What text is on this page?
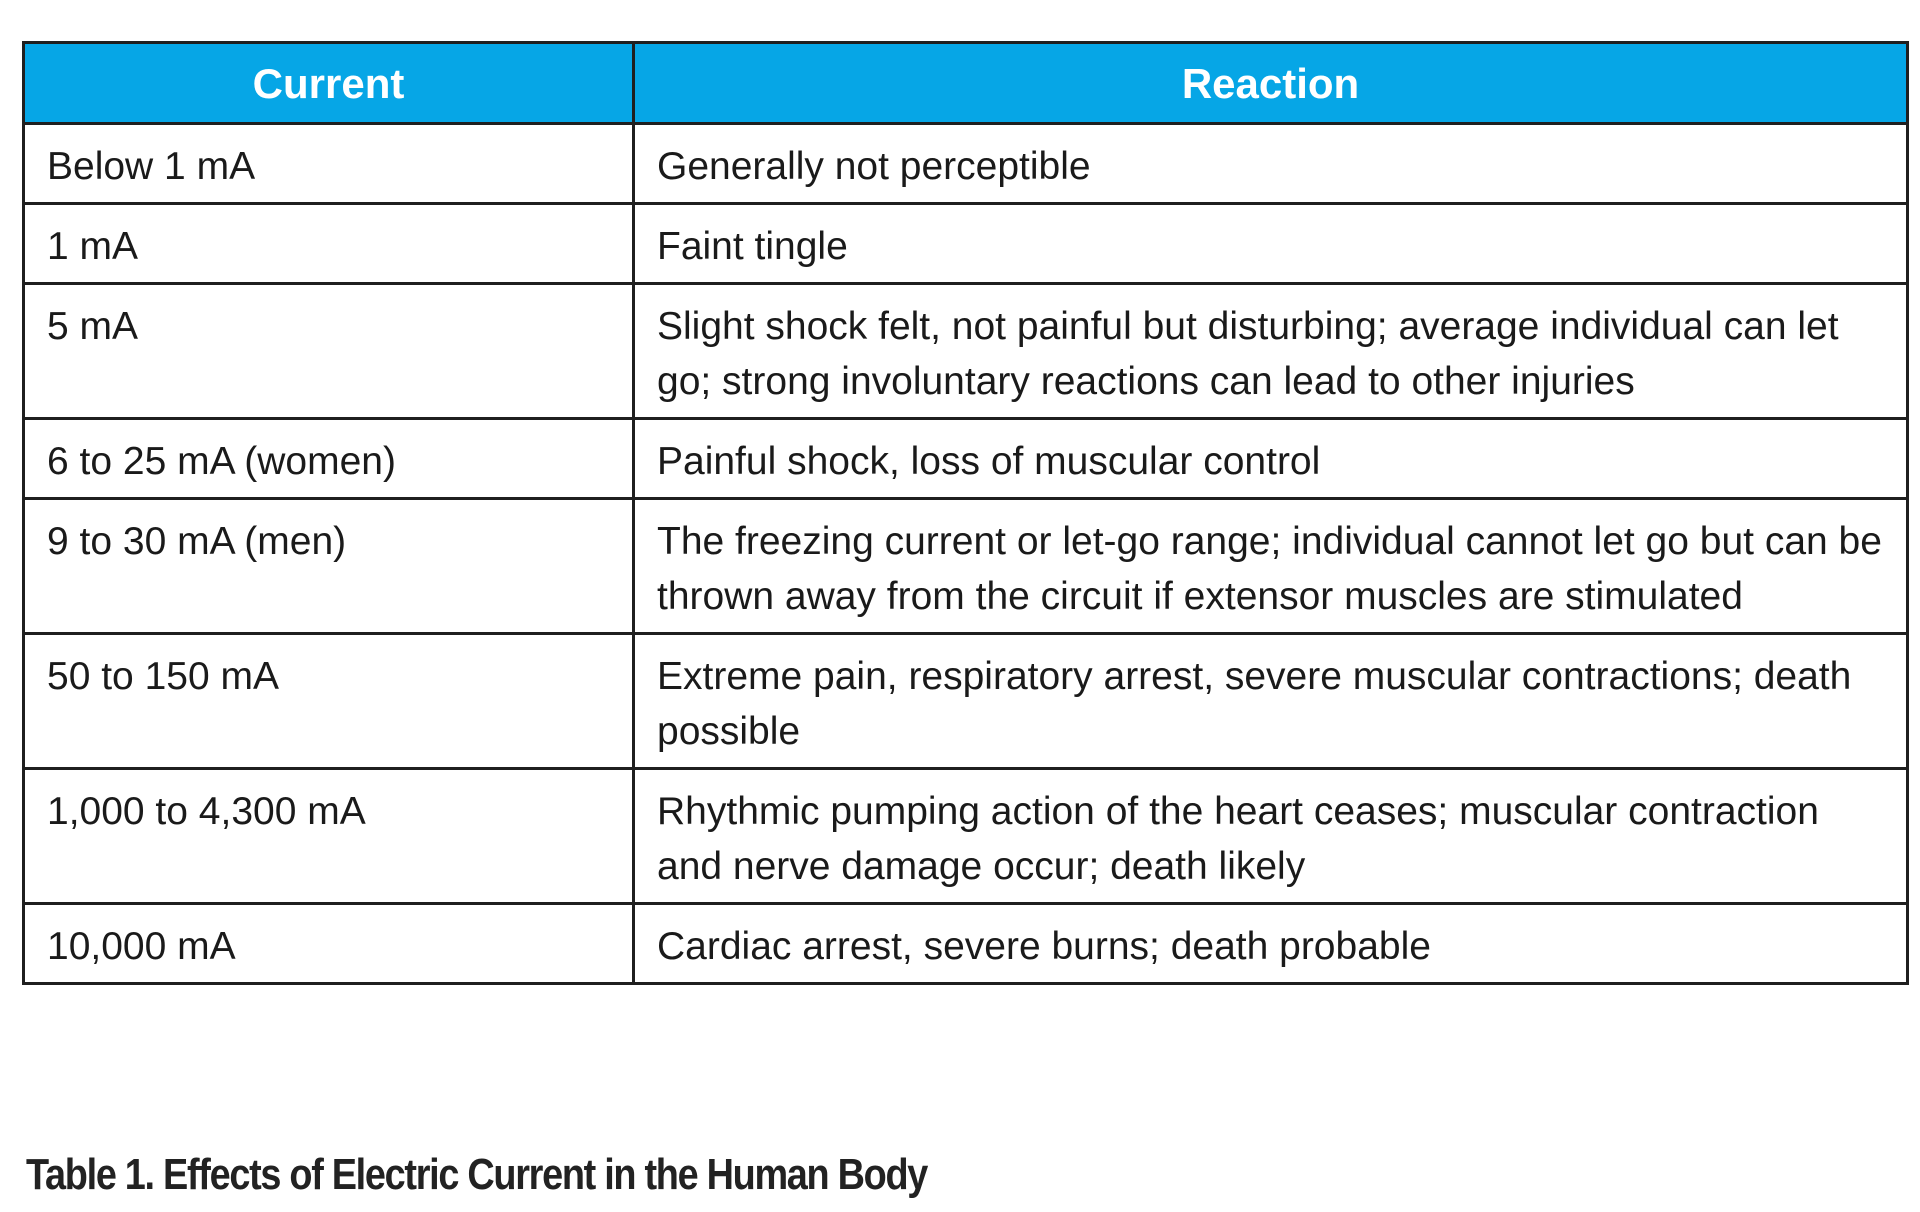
Current	Reaction
Below 1 mA	Generally not perceptible
1 mA	Faint tingle
5 mA	Slight shock felt, not painful but disturbing; average individual can let go; strong involuntary reactions can lead to other injuries
6 to 25 mA (women)	Painful shock, loss of muscular control
9 to 30 mA (men)	The freezing current or let-go range; individual cannot let go but can be thrown away from the circuit if extensor muscles are stimulated
50 to 150 mA	Extreme pain, respiratory arrest, severe muscular contractions; death possible
1,000 to 4,300 mA	Rhythmic pumping action of the heart ceases; muscular contraction and nerve damage occur; death likely
10,000 mA	Cardiac arrest, severe burns; death probable
Table 1. Effects of Electric Current in the Human Body
